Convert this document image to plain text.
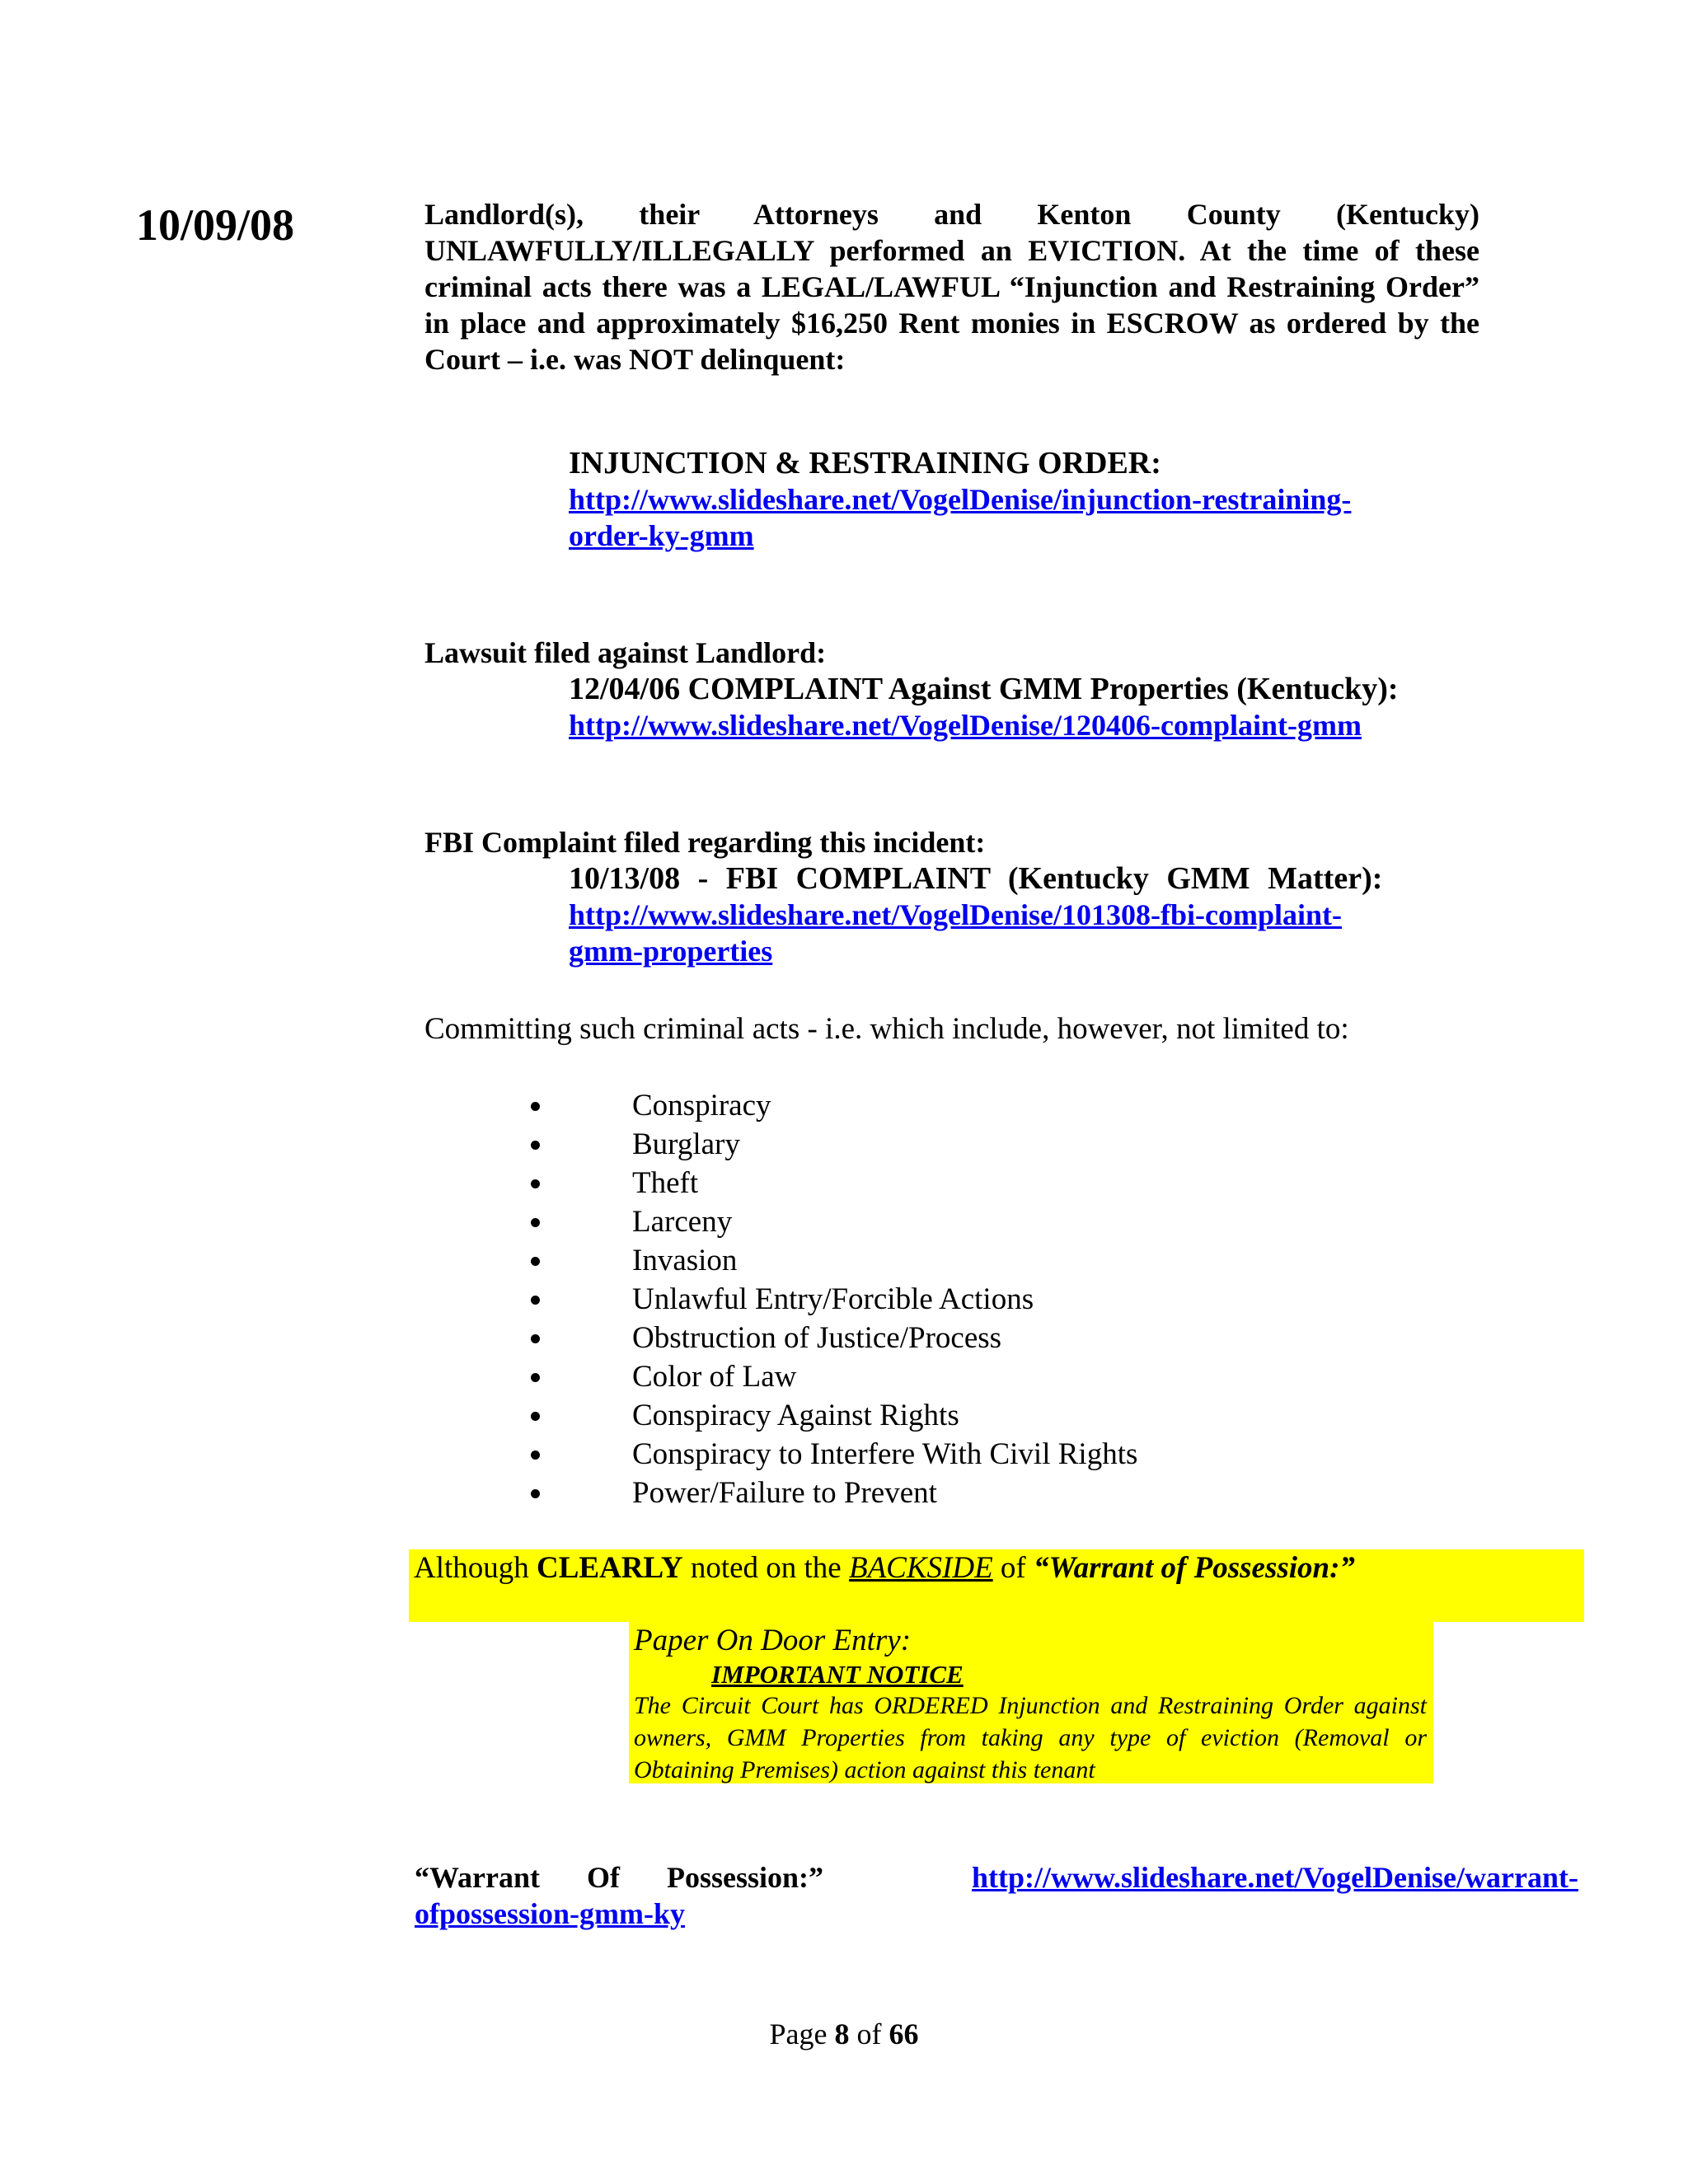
10/09/08	Landlord(s), their Attorneys and Kenton County (Kentucky) UNLAWFULLY/ILLEGALLY performed an EVICTION. At the time of these criminal acts there was a LEGAL/LAWFUL “Injunction and Restraining Order” in place and approximately $16,250 Rent monies in ESCROW as ordered by the Court – i.e. was NOT delinquent:
INJUNCTION & RESTRAINING ORDER:
http://www.slideshare.net/VogelDenise/injunction-restraining-
order-ky-gmm
Lawsuit filed against Landlord:
12/04/06 COMPLAINT Against GMM Properties (Kentucky):
http://www.slideshare.net/VogelDenise/120406-complaint-gmm
FBI Complaint filed regarding this incident:
10/13/08 - FBI COMPLAINT (Kentucky GMM Matter):
http://www.slideshare.net/VogelDenise/101308-fbi-complaint-
gmm-properties
Committing such criminal acts - i.e. which include, however, not limited to:
Conspiracy
Burglary
Theft
Larceny
Invasion
Unlawful Entry/Forcible Actions
Obstruction of Justice/Process
Color of Law
Conspiracy Against Rights
Conspiracy to Interfere With Civil Rights
Power/Failure to Prevent
Although CLEARLY noted on the BACKSIDE of “Warrant of Possession:”
Paper On Door Entry:
IMPORTANT NOTICE
The Circuit Court has ORDERED Injunction and Restraining Order against owners, GMM Properties from taking any type of eviction (Removal or Obtaining Premises) action against this tenant
“Warrant Of Possession:”	http://www.slideshare.net/VogelDenise/warrant-
ofpossession-gmm-ky
Page 8 of 66
